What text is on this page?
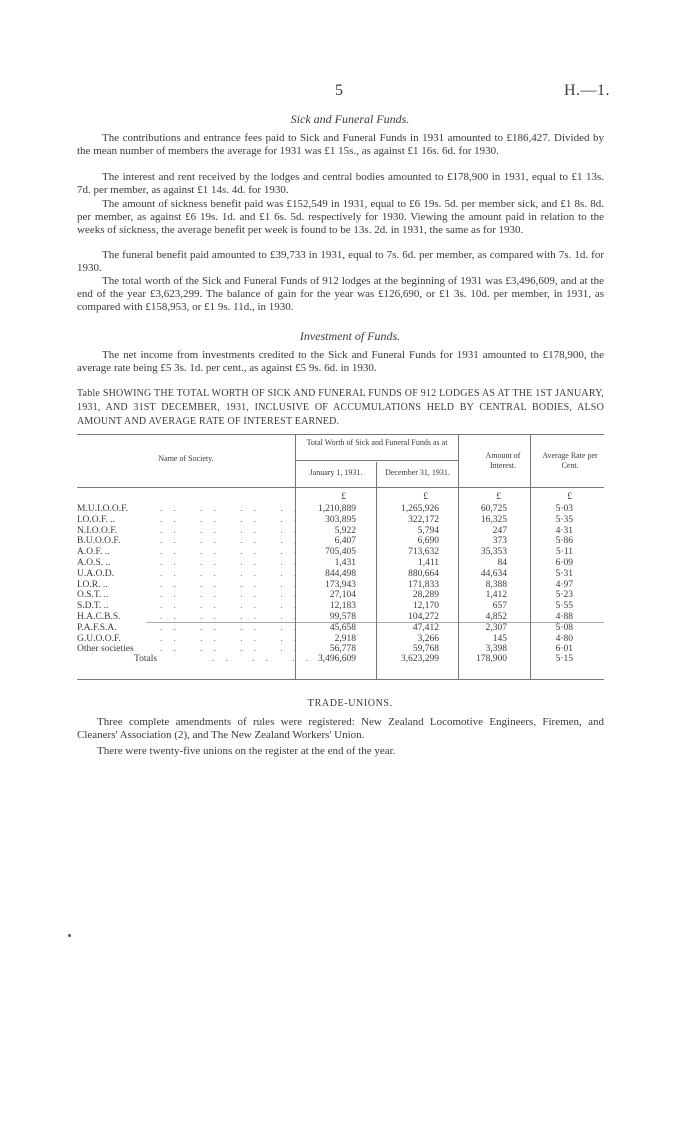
5	H.—1.
Sick and Funeral Funds.

The contributions and entrance fees paid to Sick and Funeral Funds in 1931 amounted to £186,427. Divided by the mean number of members the average for 1931 was £1 15s., as against £1 16s. 6d. for 1930.

The interest and rent received by the lodges and central bodies amounted to £178,900 in 1931, equal to £1 13s. 7d. per member, as against £1 14s. 4d. for 1930.

The amount of sickness benefit paid was £152,549 in 1931, equal to £6 19s. 5d. per member sick, and £1 8s. 8d. per member, as against £6 19s. 1d. and £1 6s. 5d. respectively for 1930. Viewing the amount paid in relation to the weeks of sickness, the average benefit per week is found to be 13s. 2d. in 1931, the same as for 1930.

The funeral benefit paid amounted to £39,733 in 1931, equal to 7s. 6d. per member, as compared with 7s. 1d. for 1930.

The total worth of the Sick and Funeral Funds of 912 lodges at the beginning of 1931 was £3,496,609, and at the end of the year £3,623,299. The balance of gain for the year was £126,690, or £1 3s. 10d. per member, in 1931, as compared with £158,953, or £1 9s. 11d., in 1930.

Investment of Funds.

The net income from investments credited to the Sick and Funeral Funds for 1931 amounted to £178,900, the average rate being £5 3s. 1d. per cent., as against £5 9s. 6d. in 1930.

Table SHOWING THE TOTAL WORTH OF SICK AND FUNERAL FUNDS OF 912 LODGES AS AT THE 1ST JANUARY, 1931, AND 31ST DECEMBER, 1931, INCLUSIVE OF ACCUMULATIONS HELD BY CENTRAL BODIES, ALSO AMOUNT AND AVERAGE RATE OF INTEREST EARNED.

Name of Society.
Total Worth of Sick and Funeral Funds as at
January 1, 1931.	December 31, 1931.
Amount of Interest.
Average Rate per Cent.
£	£	£	£
M.U.I.O.O.F.	1,210,889	1,265,926	60,725	5·03
.. .. .. ..
I.O.O.F. ..	303,895	322,172	16,325	5·35
.. .. .. ..
N.I.O.O.F.	5,922	5,794	247	4·31
.. .. .. ..
B.U.O.O.F.	6,407	6,690	373	5·86
.. .. .. ..
A.O.F. ..	705,405	713,632	35,353	5·11
.. .. .. ..
A.O.S. ..	1,431	1,411	84	6·09
.. .. .. ..
U.A.O.D.	844,498	880,664	44,634	5·31
.. .. .. ..
I.O.R. ..	173,943	171,833	8,388	4·97
.. .. .. ..
O.S.T. ..	27,104	28,289	1,412	5·23
.. .. .. ..
S.D.T. ..	12,183	12,170	657	5·55
.. .. .. ..
H.A.C.B.S.	99,578	104,272	4,852	4·88
.. .. .. ..
P.A.F.S.A.	45,658	47,412	2,307	5·08
.. .. .. ..
G.U.O.O.F.	2,918	3,266	145	4·80
.. .. .. ..
Other societies	56,778	59,768	3,398	6·01
.. .. .. ..
Totals	.. .. .. 3,496,609	3,623,299	178,900	5·15
TRADE-UNIONS.

Three complete amendments of rules were registered: New Zealand Locomotive Engineers, Firemen, and Cleaners' Association (2), and The New Zealand Workers' Union.

There were twenty-five unions on the register at the end of the year.
